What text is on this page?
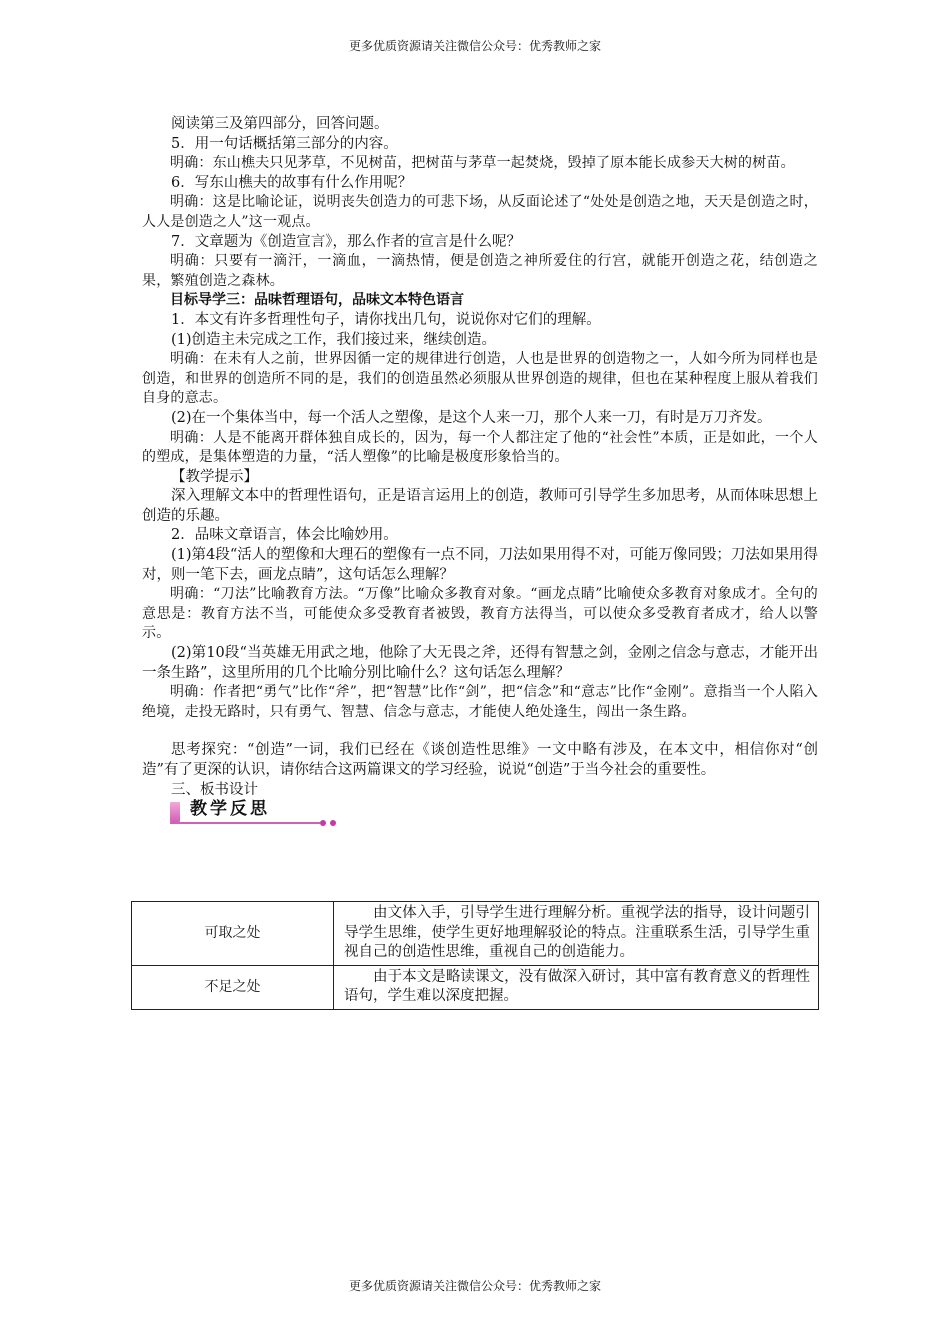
更多优质资源请关注微信公众号：优秀教师之家

阅读第三及第四部分，回答问题。

5．用一句话概括第三部分的内容。

明确：东山樵夫只见茅草，不见树苗，把树苗与茅草一起焚烧，毁掉了原本能长成参天大树的树苗。

6．写东山樵夫的故事有什么作用呢？

明确：这是比喻论证，说明丧失创造力的可悲下场，从反面论述了“处处是创造之地，天天是创造之时，人人是创造之人”这一观点。

7．文章题为《创造宣言》，那么作者的宣言是什么呢？

明确：只要有一滴汗，一滴血，一滴热情，便是创造之神所爱住的行宫，就能开创造之花，结创造之果，繁殖创造之森林。

目标导学三：品味哲理语句，品味文本特色语言

1．本文有许多哲理性句子，请你找出几句，说说你对它们的理解。

(1)创造主未完成之工作，我们接过来，继续创造。

明确：在未有人之前，世界因循一定的规律进行创造，人也是世界的创造物之一，人如今所为同样也是创造，和世界的创造所不同的是，我们的创造虽然必须服从世界创造的规律，但也在某种程度上服从着我们自身的意志。

(2)在一个集体当中，每一个活人之塑像，是这个人来一刀，那个人来一刀，有时是万刀齐发。

明确：人是不能离开群体独自成长的，因为，每一个人都注定了他的“社会性”本质，正是如此，一个人的塑成，是集体塑造的力量，“活人塑像”的比喻是极度形象恰当的。

【教学提示】

深入理解文本中的哲理性语句，正是语言运用上的创造，教师可引导学生多加思考，从而体味思想上创造的乐趣。

2．品味文章语言，体会比喻妙用。

(1)第4段“活人的塑像和大理石的塑像有一点不同，刀法如果用得不对，可能万像同毁；刀法如果用得对，则一笔下去，画龙点睛”，这句话怎么理解？

明确：“刀法”比喻教育方法。“万像”比喻众多教育对象。“画龙点睛”比喻使众多教育对象成才。全句的意思是：教育方法不当，可能使众多受教育者被毁，教育方法得当，可以使众多受教育者成才，给人以警示。

(2)第10段“当英雄无用武之地，他除了大无畏之斧，还得有智慧之剑，金刚之信念与意志，才能开出一条生路”，这里所用的几个比喻分别比喻什么？这句话怎么理解？

明确：作者把“勇气”比作“斧”，把“智慧”比作“剑”，把“信念”和“意志”比作“金刚”。意指当一个人陷入绝境，走投无路时，只有勇气、智慧、信念与意志，才能使人绝处逢生，闯出一条生路。

思考探究：“创造”一词，我们已经在《谈创造性思维》一文中略有涉及，在本文中，相信你对“创造”有了更深的认识，请你结合这两篇课文的学习经验，说说“创造”于当今社会的重要性。

三、板书设计

教学反思
可取之处	由文体入手，引导学生进行理解分析。重视学法的指导，设计问题引导学生思维，使学生更好地理解驳论的特点。注重联系生活，引导学生重视自己的创造性思维，重视自己的创造能力。
不足之处	由于本文是略读课文，没有做深入研讨，其中富有教育意义的哲理性语句，学生难以深度把握。
更多优质资源请关注微信公众号：优秀教师之家
